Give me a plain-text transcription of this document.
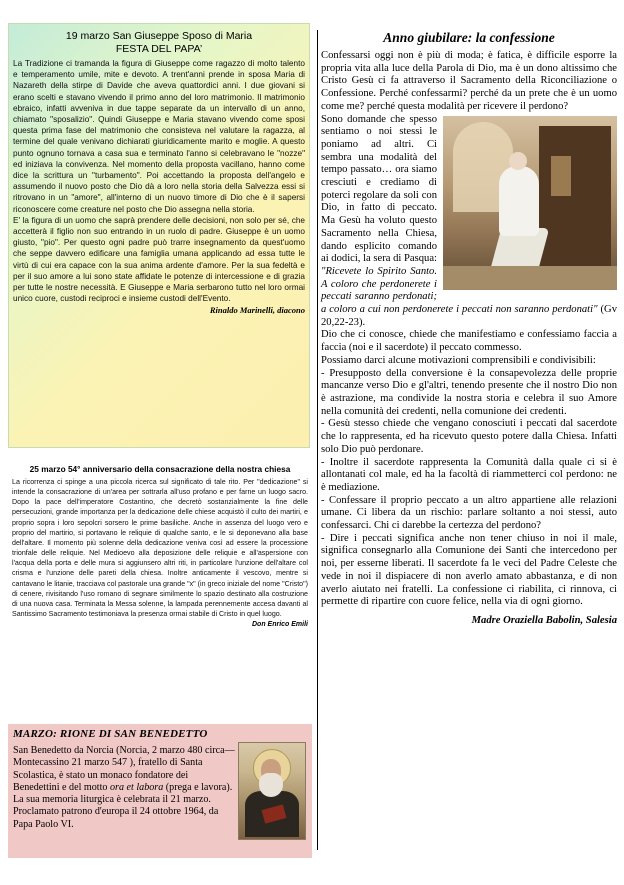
19 marzo San Giuseppe Sposo di Maria
FESTA DEL PAPA’

La Tradizione ci tramanda la figura di Giuseppe come ragazzo di molto talento e temperamento umile, mite e devoto. A trent'anni prende in sposa Maria di Nazareth della stirpe di Davide che aveva quattordici anni. I due giovani si erano scelti e stavano vivendo il primo anno del loro matrimonio. Il matrimonio ebraico, infatti avveniva in due tappe separate da un intervallo di un anno, chiamato "sposalizio". Quindi Giuseppe e Maria stavano vivendo come sposi questa prima fase del matrimonio che consisteva nel valutare la ragazza, al termine del quale venivano dichiarati giuridicamente marito e moglie. A questo punto ognuno tornava a casa sua e terminato l'anno si celebravano le "nozze" ed iniziava la convivenza. Nel momento della proposta vacillano, hanno come dice la scrittura un "turbamento". Poi accettando la proposta dell'angelo e assumendo il nuovo posto che Dio dà a loro nella storia della Salvezza essi si ritrovano in un "amore", all'interno di un nuovo timore di Dio che è il sapersi riconoscere come creature nel posto che Dio assegna nella storia.

E' la figura di un uomo che saprà prendere delle decisioni, non solo per sé, che accetterà il figlio non suo entrando in un ruolo di padre. Giuseppe è un uomo giusto, "pio". Per questo ogni padre può trarre insegnamento da quest'uomo che seppe davvero edificare una famiglia umana applicando ad essa tutte le virtù di cui era capace con la sua anima ardente d'amore. Per la sua fedeltà e per il suo amore a lui sono state affidate le potenze di intercessione e di grazia per tutte le nostre necessità. E Giuseppe e Maria serbarono tutto nel loro ormai unico cuore, custodi reciproci e insieme custodi dell'Evento.

Rinaldo Marinelli, diacono
25 marzo 54° anniversario della consacrazione della nostra chiesa

La ricorrenza ci spinge a una piccola ricerca sul significato di tale rito. Per "dedicazione" si intende la consacrazione di un'area per sottrarla all'uso profano e per farne un luogo sacro. Dopo la pace dell'imperatore Costantino, che decretò sostanzialmente la fine delle persecuzioni, grande importanza per la dedicazione delle chiese acquistò il culto dei martiri, e proprio sopra i loro sepolcri sorsero le prime basiliche. Anche in assenza del luogo vero e proprio del martirio, si portavano le reliquie di qualche santo, e le si deponevano alla base dell'altare. Il momento più solenne della dedicazione veniva così ad essere la processione trionfale delle reliquie. Nel Medioevo alla deposizione delle reliquie e all'aspersione con l'acqua della porta e delle mura si aggiunsero altri riti, in particolare l'unzione dell'altare col crisma e l'unzione delle pareti della chiesa. Inoltre anticamente il vescovo, mentre si cantavano le litanie, tracciava col pastorale una grande "x" (in greco iniziale del nome "Cristo") di cenere, rivisitando l'uso romano di segnare similmente lo spazio destinato alla costruzione di una nuova casa. Terminata la Messa solenne, la lampada perennemente accesa davanti al Santissimo Sacramento testimoniava la presenza ormai stabile di Cristo in quel luogo.

Don Enrico Emili
MARZO: RIONE DI SAN BENEDETTO

San Benedetto da Norcia (Norcia, 2 marzo 480 circa—Montecassino 21 marzo 547 ), fratello di Santa Scolastica, è stato un monaco fondatore dei Benedettini e del motto ora et labora (prega e lavora). La sua memoria liturgica è celebrata il 21 marzo. Proclamato patrono d'europa il 24 ottobre 1964, da Papa Paolo VI.

Anno giubilare: la confessione

Confessarsi oggi non è più di moda; è fatica, è difficile esporre la propria vita alla luce della Parola di Dio, ma è un dono altissimo che Cristo Gesù ci fa attraverso il Sacramento della Riconciliazione o Confessione. Perché confessarmi? perché da un prete che è un uomo come me? perché questa modalità per ricevere il perdono?

Sono domande che spesso sentiamo o noi stessi le poniamo ad altri. Ci sembra una modalità del tempo passato… ora siamo cresciuti e crediamo di poterci regolare da soli con Dio, in fatto di peccato. Ma Gesù ha voluto questo Sacramento nella Chiesa, dando esplicito comando ai dodici, la sera di Pasqua: "Ricevete lo Spirito Santo. A coloro che perdonerete i peccati saranno perdonati; a coloro a cui non perdonerete i peccati non saranno perdonati" (Gv 20,22-23).

Dio che ci conosce, chiede che manifestiamo e confessiamo faccia a faccia (noi e il sacerdote) il peccato commesso.

Possiamo darci alcune motivazioni comprensibili e condivisibili:

- Presupposto della conversione è la consapevolezza delle proprie mancanze verso Dio e gl'altri, tenendo presente che il nostro Dio non è astrazione, ma condivide la nostra storia e celebra il suo Amore nella comunità dei credenti, nella comunione dei credenti.

- Gesù stesso chiede che vengano conosciuti i peccati dal sacerdote che lo rappresenta, ed ha ricevuto questo potere dalla Chiesa. Infatti solo Dio può perdonare.

- Inoltre il sacerdote rappresenta la Comunità dalla quale ci si è allontanati col male, ed ha la facoltà di riammetterci col perdono: ne è mediazione.

- Confessare il proprio peccato a un altro appartiene alle relazioni umane. Ci libera da un rischio: parlare soltanto a noi stessi, auto confessarci. Chi ci darebbe la certezza del perdono?

- Dire i peccati significa anche non tener chiuso in noi il male, significa consegnarlo alla Comunione dei Santi che intercedono per noi, per esserne liberati. Il sacerdote fa le veci del Padre Celeste che vede in noi il dispiacere di non averlo amato abbastanza, e di non averlo aiutato nei fratelli. La confessione ci riabilita, ci rinnova, ci permette di ripartire con cuore felice, nella via di ogni giorno.

Madre Oraziella Babolin, Salesia
